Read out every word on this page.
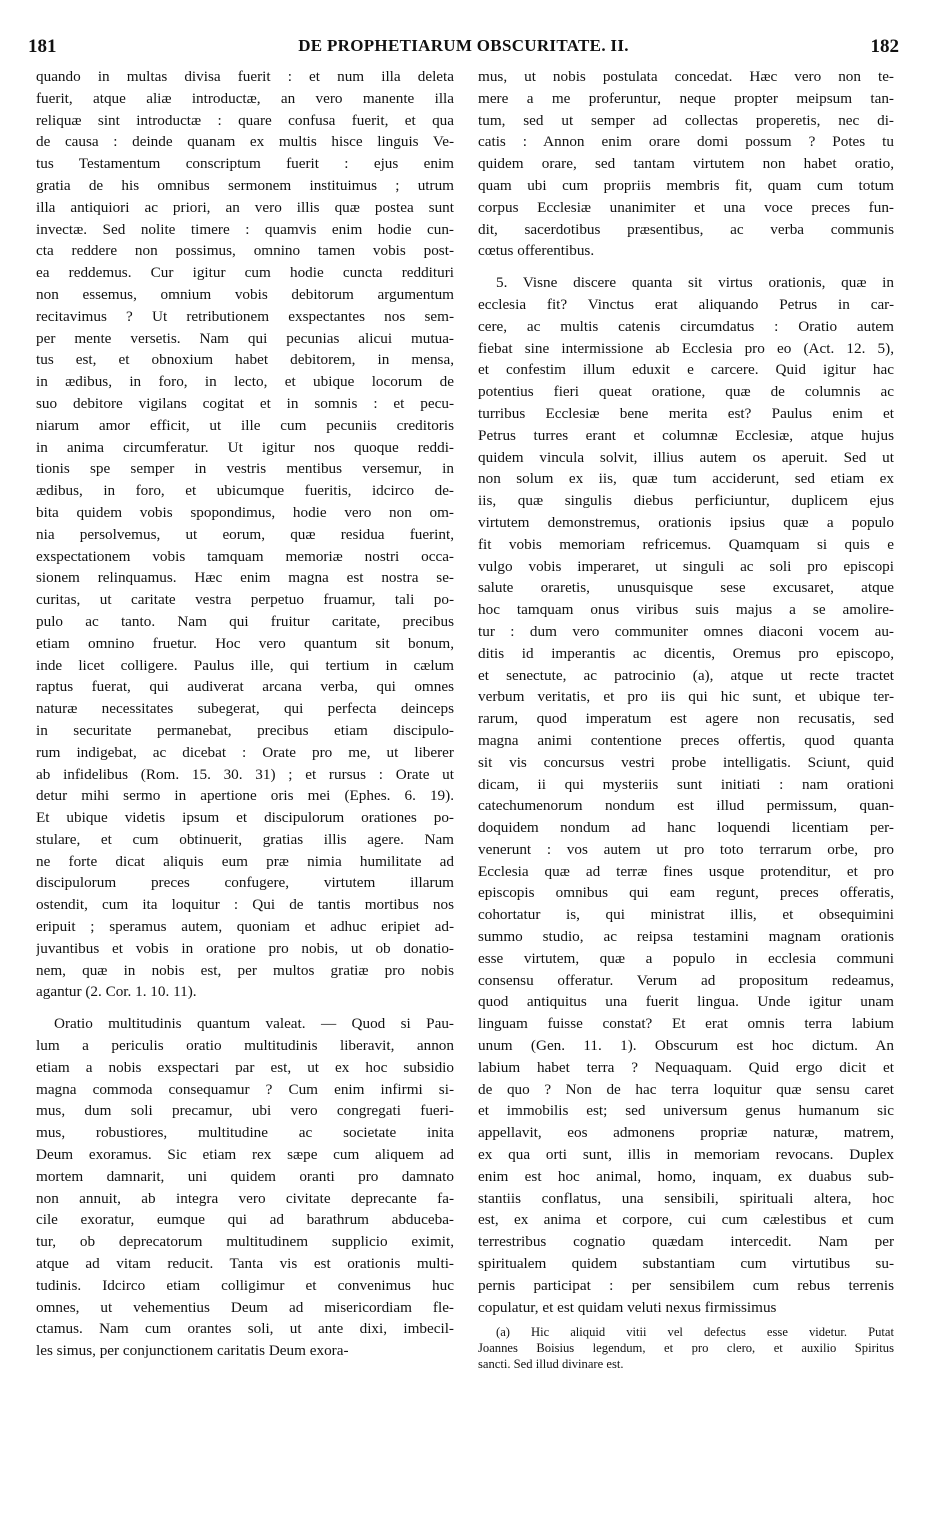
181	DE PROPHETIARUM OBSCURITATE. II.	182
quando in multas divisa fuerit : et num illa deleta
fuerit, atque aliæ introductæ, an vero manente illa
reliquæ sint introductæ : quare confusa fuerit, et qua
de causa : deinde quanam ex multis hisce linguis Ve-
tus Testamentum conscriptum fuerit : ejus enim
gratia de his omnibus sermonem instituimus ; utrum
illa antiquiori ac priori, an vero illis quæ postea sunt
invectæ. Sed nolite timere : quamvis enim hodie cun-
cta reddere non possimus, omnino tamen vobis post-
ea reddemus. Cur igitur cum hodie cuncta reddituri
non essemus, omnium vobis debitorum argumentum
recitavimus ? Ut retributionem exspectantes nos sem-
per mente versetis. Nam qui pecunias alicui mutua-
tus est, et obnoxium habet debitorem, in mensa,
in ædibus, in foro, in lecto, et ubique locorum de
suo debitore vigilans cogitat et in somnis : et pecu-
niarum amor efficit, ut ille cum pecuniis creditoris
in anima circumferatur. Ut igitur nos quoque reddi-
tionis spe semper in vestris mentibus versemur, in
ædibus, in foro, et ubicumque fueritis, idcirco de-
bita quidem vobis spopondimus, hodie vero non om-
nia persolvemus, ut eorum, quæ residua fuerint,
exspectationem vobis tamquam memoriæ nostri occa-
sionem relinquamus. Hæc enim magna est nostra se-
curitas, ut caritate vestra perpetuo fruamur, tali po-
pulo ac tanto. Nam qui fruitur caritate, precibus
etiam omnino fruetur. Hoc vero quantum sit bonum,
inde licet colligere. Paulus ille, qui tertium in cælum
raptus fuerat, qui audiverat arcana verba, qui omnes
naturæ necessitates subegerat, qui perfecta deinceps
in securitate permanebat, precibus etiam discipulo-
rum indigebat, ac dicebat : Orate pro me, ut liberer
ab infidelibus (Rom. 15. 30. 31) ; et rursus : Orate ut
detur mihi sermo in apertione oris mei (Ephes. 6. 19).
Et ubique videtis ipsum et discipulorum orationes po-
stulare, et cum obtinuerit, gratias illis agere. Nam
ne forte dicat aliquis eum præ nimia humilitate ad
discipulorum preces confugere, virtutem illarum
ostendit, cum ita loquitur : Qui de tantis mortibus nos
eripuit ; speramus autem, quoniam et adhuc eripiet ad-
juvantibus et vobis in oratione pro nobis, ut ob donatio-
nem, quæ in nobis est, per multos gratiæ pro nobis
agantur (2. Cor. 1. 10. 11).
Oratio multitudinis quantum valeat. — Quod si Pau-
lum a periculis oratio multitudinis liberavit, annon
etiam a nobis exspectari par est, ut ex hoc subsidio
magna commoda consequamur ? Cum enim infirmi si-
mus, dum soli precamur, ubi vero congregati fueri-
mus, robustiores, multitudine ac societate inita
Deum exoramus. Sic etiam rex sæpe cum aliquem ad
mortem damnarit, uni quidem oranti pro damnato
non annuit, ab integra vero civitate deprecante fa-
cile exoratur, eumque qui ad barathrum abduceba-
tur, ob deprecatorum multitudinem supplicio eximit,
atque ad vitam reducit. Tanta vis est orationis multi-
tudinis. Idcirco etiam colligimur et convenimus huc
omnes, ut vehementius Deum ad misericordiam fle-
ctamus. Nam cum orantes soli, ut ante dixi, imbecil-
les simus, per conjunctionem caritatis Deum exora-
mus, ut nobis postulata concedat. Hæc vero non te-
mere a me proferuntur, neque propter meipsum tan-
tum, sed ut semper ad collectas properetis, nec di-
catis : Annon enim orare domi possum ? Potes tu
quidem orare, sed tantam virtutem non habet oratio,
quam ubi cum propriis membris fit, quam cum totum
corpus Ecclesiæ unanimiter et una voce preces fun-
dit, sacerdotibus præsentibus, ac verba communis
cœtus offerentibus.
5. Visne discere quanta sit virtus orationis, quæ in
ecclesia fit? Vinctus erat aliquando Petrus in car-
cere, ac multis catenis circumdatus : Oratio autem
fiebat sine intermissione ab Ecclesia pro eo (Act. 12. 5),
et confestim illum eduxit e carcere. Quid igitur hac
potentius fieri queat oratione, quæ de columnis ac
turribus Ecclesiæ bene merita est? Paulus enim et
Petrus turres erant et columnæ Ecclesiæ, atque hujus
quidem vincula solvit, illius autem os aperuit. Sed ut
non solum ex iis, quæ tum acciderunt, sed etiam ex
iis, quæ singulis diebus perficiuntur, duplicem ejus
virtutem demonstremus, orationis ipsius quæ a populo
fit vobis memoriam refricemus. Quamquam si quis e
vulgo vobis imperaret, ut singuli ac soli pro episcopi
salute oraretis, unusquisque sese excusaret, atque
hoc tamquam onus viribus suis majus a se amolire-
tur : dum vero communiter omnes diaconi vocem au-
ditis id imperantis ac dicentis, Oremus pro episcopo,
et senectute, ac patrocinio (a), atque ut recte tractet
verbum veritatis, et pro iis qui hic sunt, et ubique ter-
rarum, quod imperatum est agere non recusatis, sed
magna animi contentione preces offertis, quod quanta
sit vis concursus vestri probe intelligatis. Sciunt, quid
dicam, ii qui mysteriis sunt initiati : nam orationi
catechumenorum nondum est illud permissum, quan-
doquidem nondum ad hanc loquendi licentiam per-
venerunt : vos autem ut pro toto terrarum orbe, pro
Ecclesia quæ ad terræ fines usque protenditur, et pro
episcopis omnibus qui eam regunt, preces offeratis,
cohortatur is, qui ministrat illis, et obsequimini
summo studio, ac reipsa testamini magnam orationis
esse virtutem, quæ a populo in ecclesia communi
consensu offeratur. Verum ad propositum redeamus,
quod antiquitus una fuerit lingua. Unde igitur unam
linguam fuisse constat? Et erat omnis terra labium
unum (Gen. 11. 1). Obscurum est hoc dictum. An
labium habet terra ? Nequaquam. Quid ergo dicit et
de quo ? Non de hac terra loquitur quæ sensu caret
et immobilis est; sed universum genus humanum sic
appellavit, eos admonens propriæ naturæ, matrem,
ex qua orti sunt, illis in memoriam revocans. Duplex
enim est hoc animal, homo, inquam, ex duabus sub-
stantiis conflatus, una sensibili, spirituali altera, hoc
est, ex anima et corpore, cui cum cælestibus et cum
terrestribus cognatio quædam intercedit. Nam per
spiritualem quidem substantiam cum virtutibus su-
pernis participat : per sensibilem cum rebus terrenis
copulatur, et est quidam veluti nexus firmissimus
(a) Hic aliquid vitii vel defectus esse videtur. Putat
Joannes Boisius legendum, et pro clero, et auxilio Spiritus
sancti. Sed illud divinare est.
